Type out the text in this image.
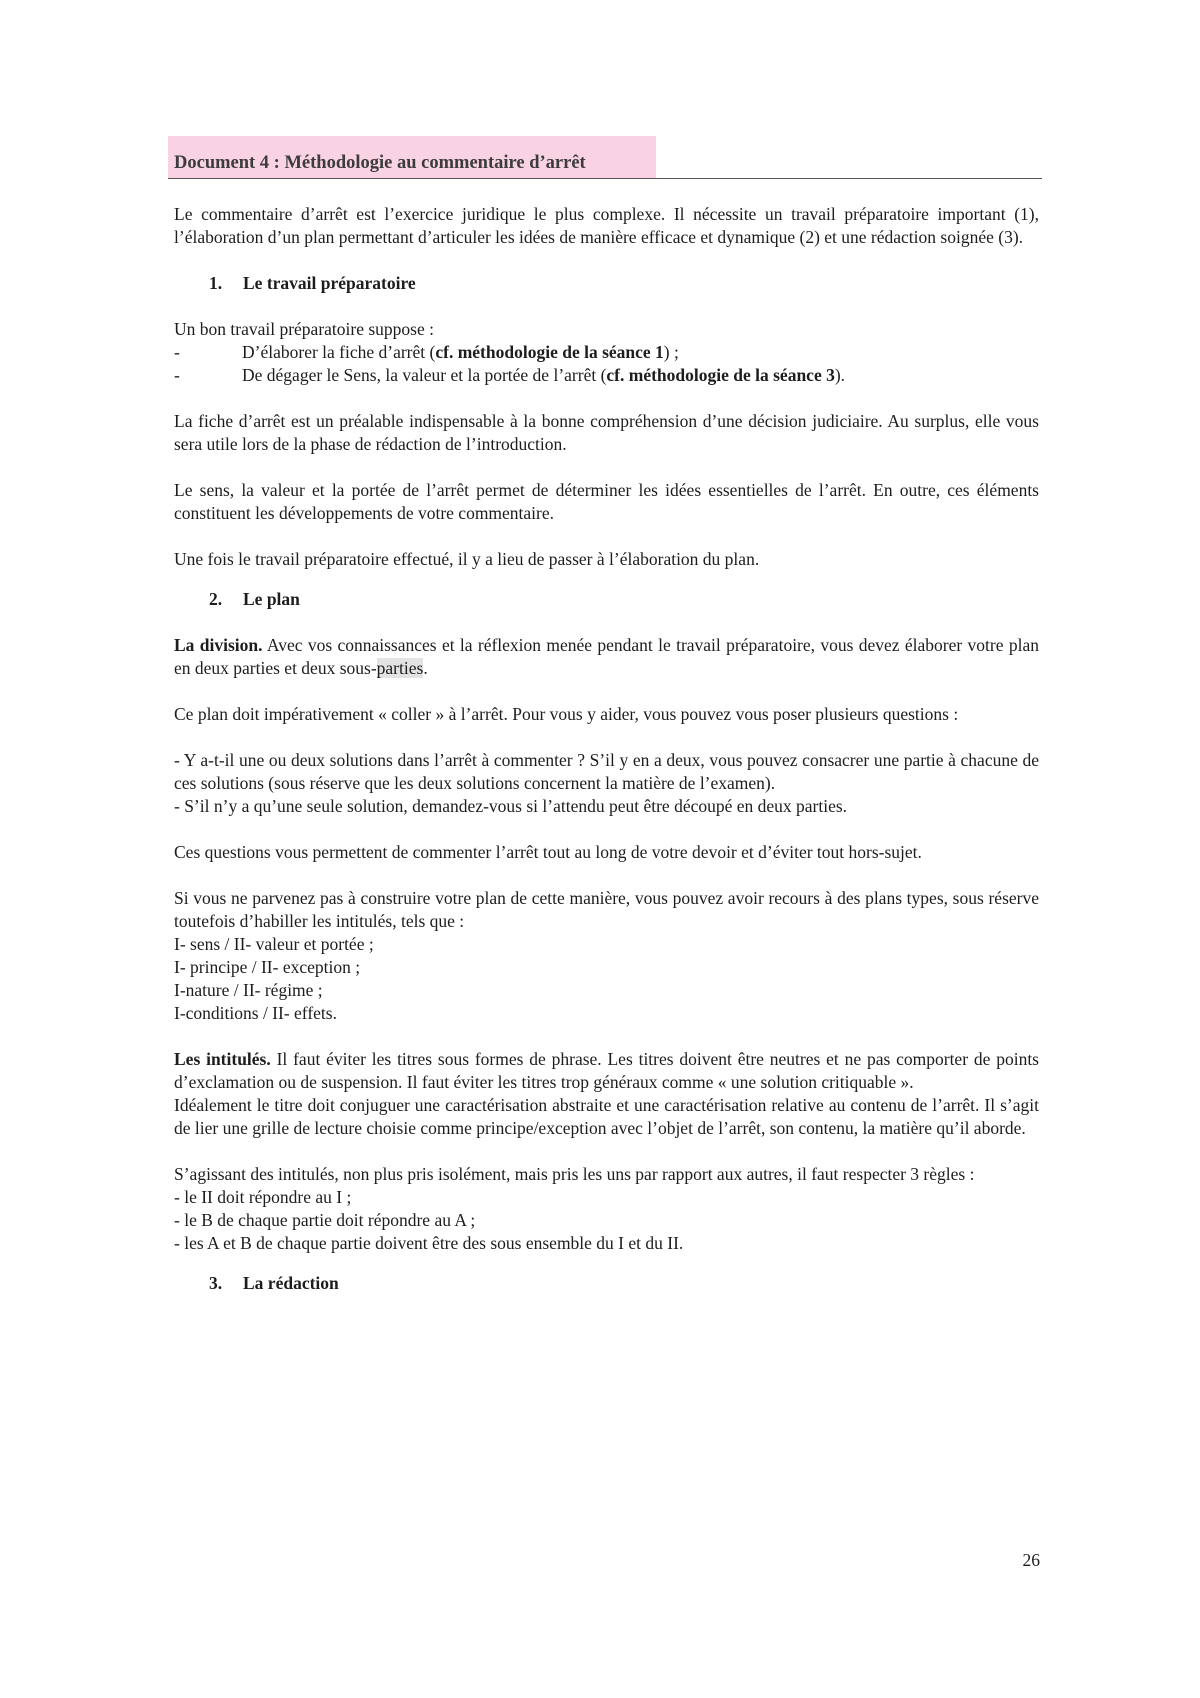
Document 4 : Méthodologie au commentaire d’arrêt

Le commentaire d’arrêt est l’exercice juridique le plus complexe. Il nécessite un travail préparatoire important (1), l’élaboration d’un plan permettant d’articuler les idées de manière efficace et dynamique (2) et une rédaction soignée (3).

1. Le travail préparatoire

Un bon travail préparatoire suppose :

-	D’élaborer la fiche d’arrêt (cf. méthodologie de la séance 1) ;

-	De dégager le Sens, la valeur et la portée de l’arrêt (cf. méthodologie de la séance 3).

La fiche d’arrêt est un préalable indispensable à la bonne compréhension d’une décision judiciaire. Au surplus, elle vous sera utile lors de la phase de rédaction de l’introduction.

Le sens, la valeur et la portée de l’arrêt permet de déterminer les idées essentielles de l’arrêt. En outre, ces éléments constituent les développements de votre commentaire.

Une fois le travail préparatoire effectué, il y a lieu de passer à l’élaboration du plan.

2. Le plan

La division. Avec vos connaissances et la réflexion menée pendant le travail préparatoire, vous devez élaborer votre plan en deux parties et deux sous-parties.

Ce plan doit impérativement « coller » à l’arrêt. Pour vous y aider, vous pouvez vous poser plusieurs questions :

- Y a-t-il une ou deux solutions dans l’arrêt à commenter ? S’il y en a deux, vous pouvez consacrer une partie à chacune de ces solutions (sous réserve que les deux solutions concernent la matière de l’examen).

- S’il n’y a qu’une seule solution, demandez-vous si l’attendu peut être découpé en deux parties.

Ces questions vous permettent de commenter l’arrêt tout au long de votre devoir et d’éviter tout hors-sujet.

Si vous ne parvenez pas à construire votre plan de cette manière, vous pouvez avoir recours à des plans types, sous réserve toutefois d’habiller les intitulés, tels que :

I- sens / II- valeur et portée ;

I- principe / II- exception ;

I-nature / II- régime ;

I-conditions / II- effets.

Les intitulés. Il faut éviter les titres sous formes de phrase. Les titres doivent être neutres et ne pas comporter de points d’exclamation ou de suspension. Il faut éviter les titres trop généraux comme « une solution critiquable ».

Idéalement le titre doit conjuguer une caractérisation abstraite et une caractérisation relative au contenu de l’arrêt. Il s’agit de lier une grille de lecture choisie comme principe/exception avec l’objet de l’arrêt, son contenu, la matière qu’il aborde.

S’agissant des intitulés, non plus pris isolément, mais pris les uns par rapport aux autres, il faut respecter 3 règles :

- le II doit répondre au I ;

- le B de chaque partie doit répondre au A ;

- les A et B de chaque partie doivent être des sous ensemble du I et du II.

3. La rédaction

26
